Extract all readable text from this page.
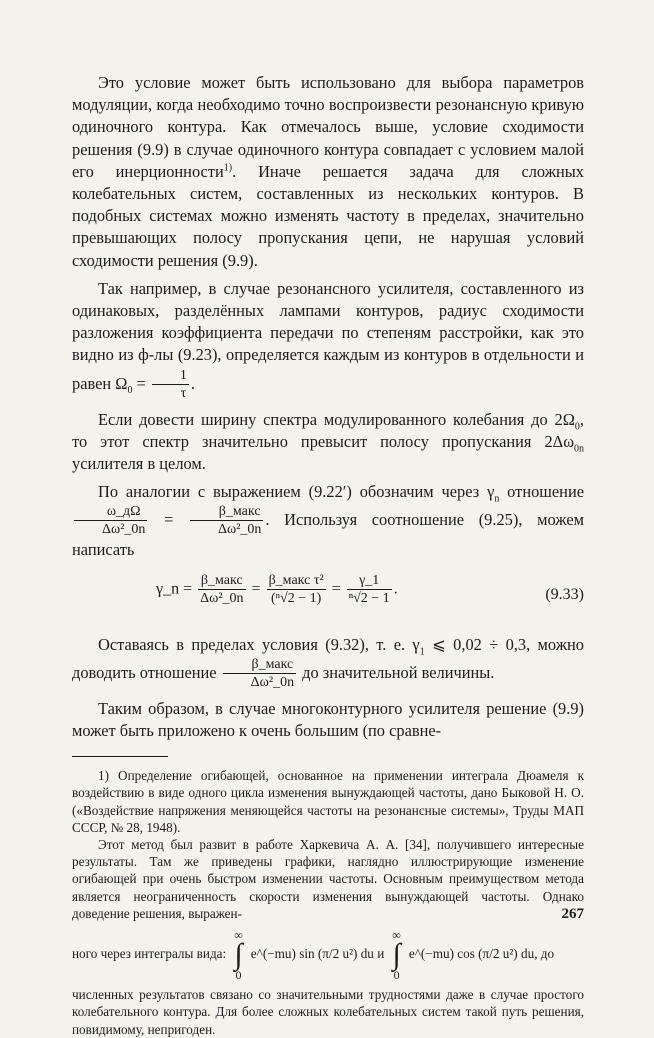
Это условие может быть использовано для выбора параметров модуляции, когда необходимо точно воспроизвести резонансную кривую одиночного контура. Как отмечалось выше, условие сходимости решения (9.9) в случае одиночного контура совпадает с условием малой его инерционности$^{1)}$. Иначе решается задача для сложных колебательных систем, составленных из нескольких контуров. В подобных системах можно изменять частоту в пределах, значительно превышающих полосу пропускания цепи, не нарушая условий сходимости решения (9.9).

Так например, в случае резонансного усилителя, составленного из одинаковых, разделённых лампами контуров, радиус сходимости разложения коэффициента передачи по степеням расстройки, как это видно из ф-лы (9.23), определяется каждым из контуров в отдельности и равен $\Omega_0 = \frac{1}{\tau}$ .

Если довести ширину спектра модулированного колебания до $2\Omega_0$, то этот спектр значительно превысит полосу пропускания $2\Delta\omega_{0n}$ усилителя в целом.

По аналогии с выражением (9.22′) обозначим через $\gamma_n$ отношение
$\frac{\omega\_д\Omega}{\text{Δω²\_0n}} = \frac{\text{β\_макс}}{\text{Δω²\_0n}}$ . Используя соотношение (9.25), можем написать

γ_n = $\frac{\text{β\_макс}}{\text{Δω²\_0n}} = \frac{\text{β\_макс τ²}}{\text{(ⁿ√2 − 1)}} = \frac{\gamma\_1}{\text{ⁿ√2 − 1}}$ .	(9.33)

Оставаясь в пределах условия (9.32), т. е. $\gamma_1$ ⩽ 0,02 ÷ 0,3, можно доводить отношение $\frac{\text{β\_макс}}{\text{Δω²\_0n}}$ до значительной величины.

Таким образом, в случае многоконтурного усилителя решение (9.9) может быть приложено к очень большим (по сравне-

1) Определение огибающей, основанное на применении интеграла Дюамеля к воздействию в виде одного цикла изменения вынуждающей частоты, дано Быковой Н. О. («Воздействие напряжения меняющейся частоты на резонансные системы», Труды МАП СССР, № 28, 1948).

Этот метод был развит в работе Харкевича А. А. [34], получившего интересные результаты. Там же приведены графики, наглядно иллюстрирующие изменение огибающей при очень быстром изменении частоты. Основным преимуществом метода является неограниченность скорости изменения вынуждающей частоты. Однако доведение решения, выражен-

ного через интегралы вида: ∞
∫
0 e^(−mu) sin (π/2 u²) du и ∞
∫
0 e^(−mu) cos (π/2 u²) du, до

численных результатов связано со значительными трудностями даже в случае простого колебательного контура. Для более сложных колебательных систем такой путь решения, повидимому, непригоден.

267
